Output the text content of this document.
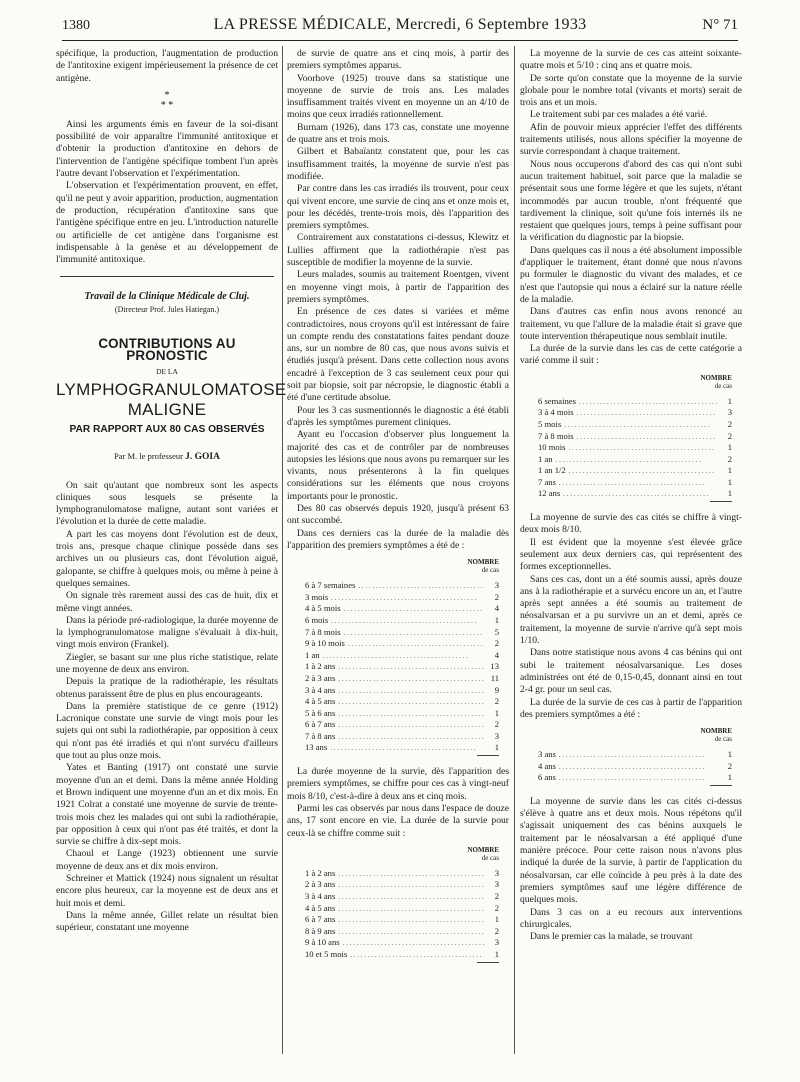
1380	LA PRESSE MÉDICALE, Mercredi, 6 Septembre 1933	N° 71

spécifique, la production, l'augmentation de production de l'antitoxine exigent impérieusement la présence de cet antigène.

*
* *

Ainsi les arguments émis en faveur de la soi-disant possibilité de voir apparaître l'immunité antitoxique et d'obtenir la production d'antitoxine en dehors de l'intervention de l'antigène spécifique tombent l'un après l'autre devant l'observation et l'expérimentation.

L'observation et l'expérimentation prouvent, en effet, qu'il ne peut y avoir apparition, production, augmentation de production, récupération d'antitoxine sans que l'antigène spécifique entre en jeu. L'introduction naturelle ou artificielle de cet antigène dans l'organisme est indispensable à la genèse et au développement de l'immunité antitoxique.

Travail de la Clinique Médicale de Cluj.
(Directeur Prof. Jules Hatiegan.)
CONTRIBUTIONS AU PRONOSTIC
DE LA
LYMPHOGRANULOMATOSE
MALIGNE
PAR RAPPORT AUX 80 CAS OBSERVÉS
Par M. le professeur J. GOIA

On sait qu'autant que nombreux sont les aspects cliniques sous lesquels se présente la lymphogranulomatose maligne, autant sont variées et l'évolution et la durée de cette maladie.

A part les cas moyens dont l'évolution est de deux, trois ans, presque chaque clinique possède dans ses archives un ou plusieurs cas, dont l'évolution aiguë, galopante, se chiffre à quelques mois, ou même à peine à quelques semaines.

On signale très rarement aussi des cas de huit, dix et même vingt années.

Dans la période pré-radiologique, la durée moyenne de la lymphogranulomatose maligne s'évaluait à dix-huit, vingt mois environ (Frankel).

Ziegler, se basant sur une plus riche statistique, relate une moyenne de deux ans environ.

Depuis la pratique de la radiothérapie, les résultats obtenus paraissent être de plus en plus encourageants.

Dans la première statistique de ce genre (1912) Lacronique constate une survie de vingt mois pour les sujets qui ont subi la radiothérapie, par opposition à ceux qui n'ont pas été irradiés et qui n'ont survécu d'ailleurs que tout au plus onze mois.

Yates et Banting (1917) ont constaté une survie moyenne d'un an et demi. Dans la même année Holding et Brown indiquent une moyenne d'un an et dix mois. En 1921 Colrat a constaté une moyenne de survie de trente-trois mois chez les malades qui ont subi la radiothérapie, par opposition à ceux qui n'ont pas été traités, et dont la survie se chiffre à dix-sept mois.

Chaoul et Lange (1923) obtiennent une survie moyenne de deux ans et dix mois environ.

Schreiner et Mattick (1924) nous signalent un résultat encore plus heureux, car la moyenne est de deux ans et huit mois et demi.

Dans la même année, Gillet relate un résultat bien supérieur, constatant une moyenne

de survie de quatre ans et cinq mois, à partir des premiers symptômes apparus.

Voorhove (1925) trouve dans sa statistique une moyenne de survie de trois ans. Les malades insuffisamment traités vivent en moyenne un an 4/10 de moins que ceux irradiés rationnellement.

Burnam (1926), dans 173 cas, constate une moyenne de quatre ans et trois mois.

Gilbert et Babaïantz constatent que, pour les cas insuffisamment traités, la moyenne de survie n'est pas modifiée.

Par contre dans les cas irradiés ils trouvent, pour ceux qui vivent encore, une survie de cinq ans et onze mois et, pour les décédés, trente-trois mois, dès l'apparition des premiers symptômes.

Contrairement aux constatations ci-dessus, Klewitz et Lullies affirment que la radiothérapie n'est pas susceptible de modifier la moyenne de la survie.

Leurs malades, soumis au traitement Roentgen, vivent en moyenne vingt mois, à partir de l'apparition des premiers symptômes.

En présence de ces dates si variées et même contradictoires, nous croyons qu'il est intéressant de faire un compte rendu des constatations faites pendant douze ans, sur un nombre de 80 cas, que nous avons suivis et étudiés jusqu'à présent. Dans cette collection nous avons encadré à l'exception de 3 cas seulement ceux pour qui soit par biopsie, soit par nécropsie, le diagnostic établi a été d'une certitude absolue.

Pour les 3 cas susmentionnés le diagnostic a été établi d'après les symptômes purement cliniques.

Ayant eu l'occasion d'observer plus longuement la majorité des cas et de contrôler par de nombreuses autopsies les lésions que nous avons pu remarquer sur les vivants, nous présenterons à la fin quelques considérations sur les éléments que nous croyons importants pour le pronostic.

Des 80 cas observés depuis 1920, jusqu'à présent 63 ont succombé.

Dans ces derniers cas la durée de la maladie dès l'apparition des premiers symptômes a été de :

NOMBRE
de cas
6 à 7 semaines . . .	3
3 mois . . .	2
4 à 5 mois . . .	4
6 mois . . .	1
7 à 8 mois . . .	5
9 à 10 mois . . .	2
1 an . . .	4
1 à 2 ans . . .	13
2 à 3 ans . . .	11
3 à 4 ans . . .	9
4 à 5 ans . . .	2
5 à 6 ans . . .	1
6 à 7 ans . . .	2
7 à 8 ans . . .	3
13 ans . . .	1

La durée moyenne de la survie, dès l'apparition des premiers symptômes, se chiffre pour ces cas à vingt-neuf mois 8/10, c'est-à-dire à deux ans et cinq mois.

Parmi les cas observés par nous dans l'espace de douze ans, 17 sont encore en vie. La durée de la survie pour ceux-là se chiffre comme suit :

NOMBRE
de cas
1 à 2 ans . . .	3
2 à 3 ans . . .	3
3 à 4 ans . . .	2
4 à 5 ans . . .	2
6 à 7 ans . . .	1
8 à 9 ans . . .	2
9 à 10 ans . . .	3
10 et 5 mois . . .	1

La moyenne de la survie de ces cas atteint soixante-quatre mois et 5/10 : cinq ans et quatre mois.

De sorte qu'on constate que la moyenne de la survie globale pour le nombre total (vivants et morts) serait de trois ans et un mois.

Le traitement subi par ces malades a été varié.

Afin de pouvoir mieux apprécier l'effet des différents traitements utilisés, nous allons spécifier la moyenne de survie correspondant à chaque traitement.

Nous nous occuperons d'abord des cas qui n'ont subi aucun traitement habituel, soit parce que la maladie se présentait sous une forme légère et que les sujets, n'étant incommodés par aucun trouble, n'ont fréquenté que tardivement la clinique, soit qu'une fois internés ils ne restaient que quelques jours, temps à peine suffisant pour la vérification du diagnostic par la biopsie.

Dans quelques cas il nous a été absolument impossible d'appliquer le traitement, étant donné que nous n'avons pu formuler le diagnostic du vivant des malades, et ce n'est que l'autopsie qui nous a éclairé sur la nature réelle de la maladie.

Dans d'autres cas enfin nous avons renoncé au traitement, vu que l'allure de la maladie était si grave que toute intervention thérapeutique nous semblait inutile.

La durée de la survie dans les cas de cette catégorie a varié comme il suit :

NOMBRE
de cas
6 semaines . . .	1
3 à 4 mois . . .	3
5 mois . . .	2
7 à 8 mois . . .	2
10 mois . . .	1
1 an . . .	2
1 an 1/2 . . .	1
7 ans . . .	1
12 ans . . .	1

La moyenne de survie des cas cités se chiffre à vingt-deux mois 8/10.

Il est évident que la moyenne s'est élevée grâce seulement aux deux derniers cas, qui représentent des formes exceptionnelles.

Sans ces cas, dont un a été soumis aussi, après douze ans à la radiothérapie et a survécu encore un an, et l'autre après sept années a été soumis au traitement de néosalvarsan et a pu survivre un an et demi, après ce traitement, la moyenne de survie n'arrive qu'à sept mois 1/10.

Dans notre statistique nous avons 4 cas bénins qui ont subi le traitement néosalvarsanique. Les doses administrées ont été de 0,15-0,45, donnant ainsi en tout 2-4 gr. pour un seul cas.

La durée de la survie de ces cas à partir de l'apparition des premiers symptômes a été :

NOMBRE
de cas
3 ans . . .	1
4 ans . . .	2
6 ans . . .	1

La moyenne de survie dans les cas cités ci-dessus s'élève à quatre ans et deux mois. Nous répétons qu'il s'agissait uniquement des cas bénins auxquels le traitement par le néosalvarsan a été appliqué d'une manière précoce. Pour cette raison nous n'avons plus indiqué la durée de la survie, à partir de l'application du néosalvarsan, car elle coïncide à peu près à la date des premiers symptômes sauf une légère différence de quelques mois.

Dans 3 cas on a eu recours aux interventions chirurgicales.

Dans le premier cas la malade, se trouvant
